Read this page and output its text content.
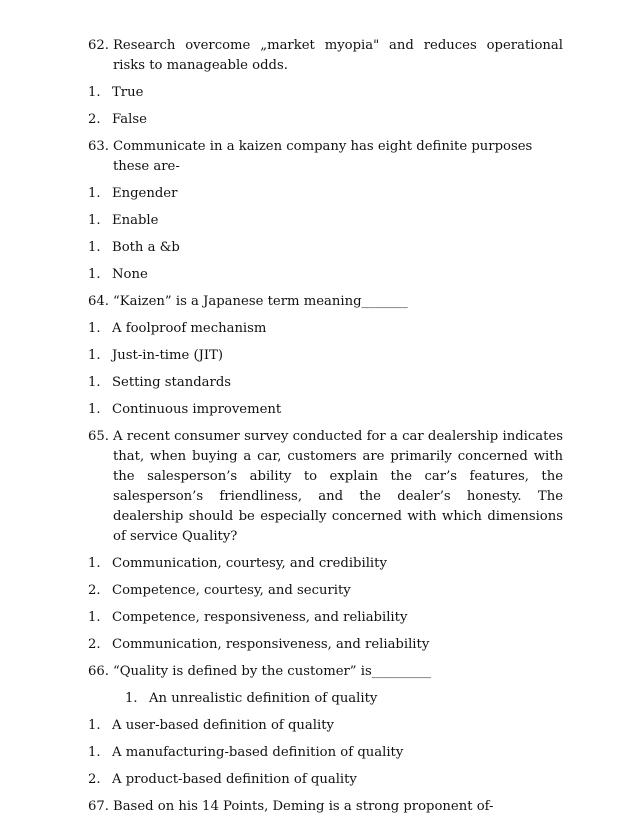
62. Research overcome „market myopia" and reduces operational risks to manageable odds.
1. True
2. False
63. Communicate in a kaizen company has eight definite purposes these are-
1. Engender
1. Enable
1. Both a &b
1. None
64. “Kaizen” is a Japanese term meaning_______
1. A foolproof mechanism
1. Just-in-time (JIT)
1. Setting standards
1. Continuous improvement
65. A recent consumer survey conducted for a car dealership indicates that, when buying a car, customers are primarily concerned with the salesperson’s ability to explain the car’s features, the salesperson’s friendliness, and the dealer’s honesty. The dealership should be especially concerned with which dimensions of service Quality?
1. Communication, courtesy, and credibility
2. Competence, courtesy, and security
1. Competence, responsiveness, and reliability
2. Communication, responsiveness, and reliability
66. “Quality is defined by the customer” is_________
1. An unrealistic definition of quality
1. A user-based definition of quality
1. A manufacturing-based definition of quality
2. A product-based definition of quality
67. Based on his 14 Points, Deming is a strong proponent of-
